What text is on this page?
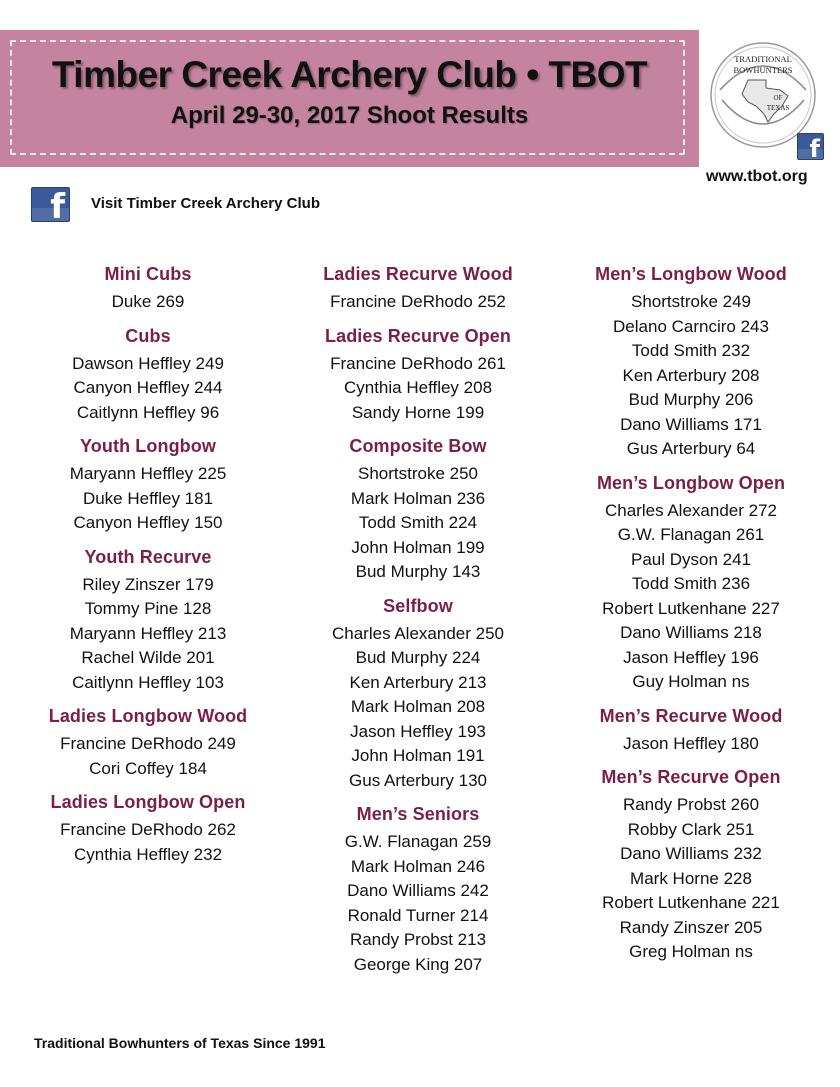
Timber Creek Archery Club • TBOT
April 29-30, 2017 Shoot Results
TRADITIONAL
BOWHUNTERS
OF
TEXAS
f
www.tbot.org
f Visit Timber Creek Archery Club
Mini Cubs
Duke 269
Cubs
Dawson Heffley 249
Canyon Heffley 244
Caitlynn Heffley 96
Youth Longbow
Maryann Heffley 225
Duke Heffley 181
Canyon Heffley 150
Youth Recurve
Riley Zinszer 179
Tommy Pine 128
Maryann Heffley 213
Rachel Wilde 201
Caitlynn Heffley 103
Ladies Longbow Wood
Francine DeRhodo 249
Cori Coffey 184
Ladies Longbow Open
Francine DeRhodo 262
Cynthia Heffley 232
Ladies Recurve Wood
Francine DeRhodo 252
Ladies Recurve Open
Francine DeRhodo 261
Cynthia Heffley 208
Sandy Horne 199
Composite Bow
Shortstroke 250
Mark Holman 236
Todd Smith 224
John Holman 199
Bud Murphy 143
Selfbow
Charles Alexander 250
Bud Murphy 224
Ken Arterbury 213
Mark Holman 208
Jason Heffley 193
John Holman 191
Gus Arterbury 130
Men’s Seniors
G.W. Flanagan 259
Mark Holman 246
Dano Williams 242
Ronald Turner 214
Randy Probst 213
George King 207
Men’s Longbow Wood
Shortstroke 249
Delano Carnciro 243
Todd Smith 232
Ken Arterbury 208
Bud Murphy 206
Dano Williams 171
Gus Arterbury 64
Men’s Longbow Open
Charles Alexander 272
G.W. Flanagan 261
Paul Dyson 241
Todd Smith 236
Robert Lutkenhane 227
Dano Williams 218
Jason Heffley 196
Guy Holman ns
Men’s Recurve Wood
Jason Heffley 180
Men’s Recurve Open
Randy Probst 260
Robby Clark 251
Dano Williams 232
Mark Horne 228
Robert Lutkenhane 221
Randy Zinszer 205
Greg Holman ns
Traditional Bowhunters of Texas Since 1991
